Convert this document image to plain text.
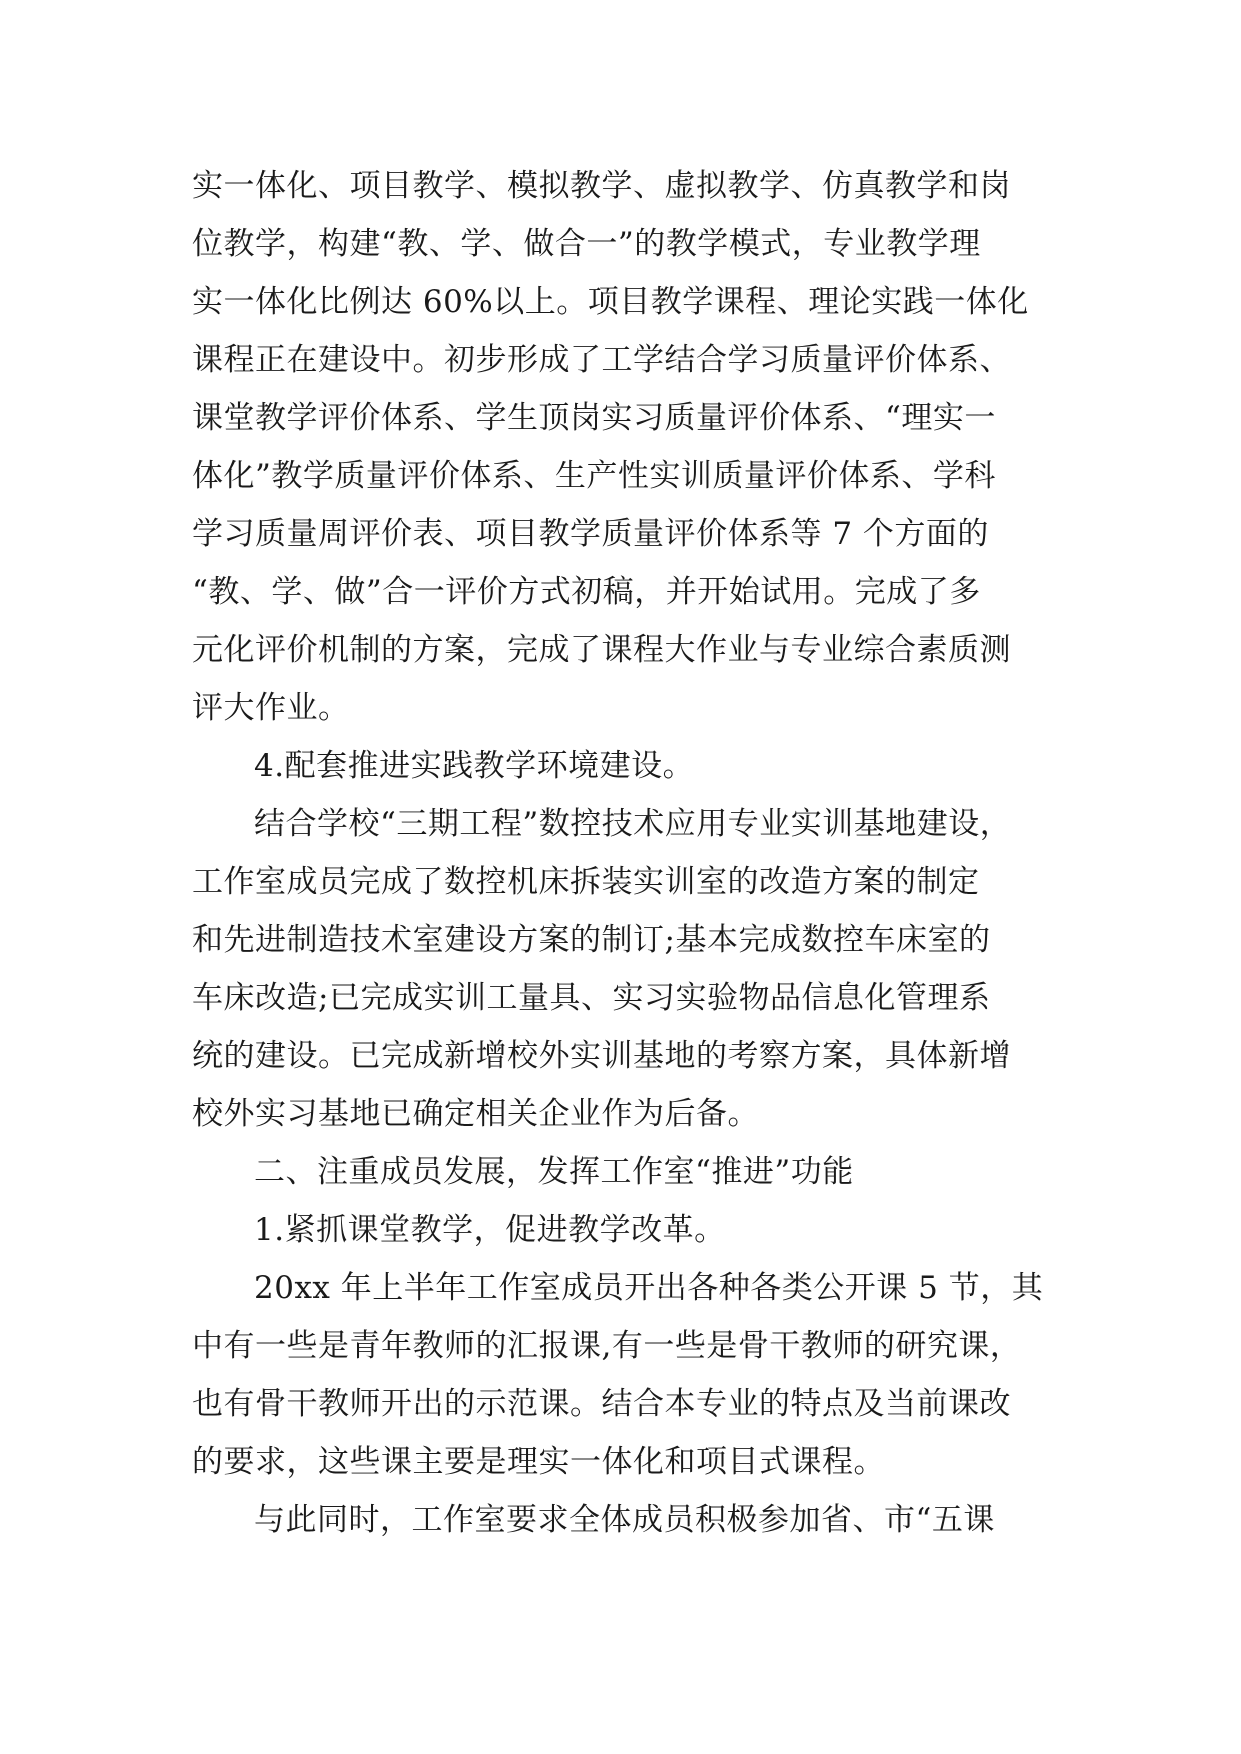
实一体化、项目教学、模拟教学、虚拟教学、仿真教学和岗
位教学，构建“教、学、做合一”的教学模式，专业教学理
实一体化比例达 60%以上。项目教学课程、理论实践一体化
课程正在建设中。初步形成了工学结合学习质量评价体系、
课堂教学评价体系、学生顶岗实习质量评价体系、“理实一
体化”教学质量评价体系、生产性实训质量评价体系、学科
学习质量周评价表、项目教学质量评价体系等 7 个方面的
“教、学、做”合一评价方式初稿，并开始试用。完成了多
元化评价机制的方案，完成了课程大作业与专业综合素质测
评大作业。
4.配套推进实践教学环境建设。
结合学校“三期工程”数控技术应用专业实训基地建设，
工作室成员完成了数控机床拆装实训室的改造方案的制定
和先进制造技术室建设方案的制订;基本完成数控车床室的
车床改造;已完成实训工量具、实习实验物品信息化管理系
统的建设。已完成新增校外实训基地的考察方案，具体新增
校外实习基地已确定相关企业作为后备。
二、注重成员发展，发挥工作室“推进”功能
1.紧抓课堂教学，促进教学改革。
20xx 年上半年工作室成员开出各种各类公开课 5 节，其
中有一些是青年教师的汇报课,有一些是骨干教师的研究课，
也有骨干教师开出的示范课。结合本专业的特点及当前课改
的要求，这些课主要是理实一体化和项目式课程。
与此同时，工作室要求全体成员积极参加省、市“五课
